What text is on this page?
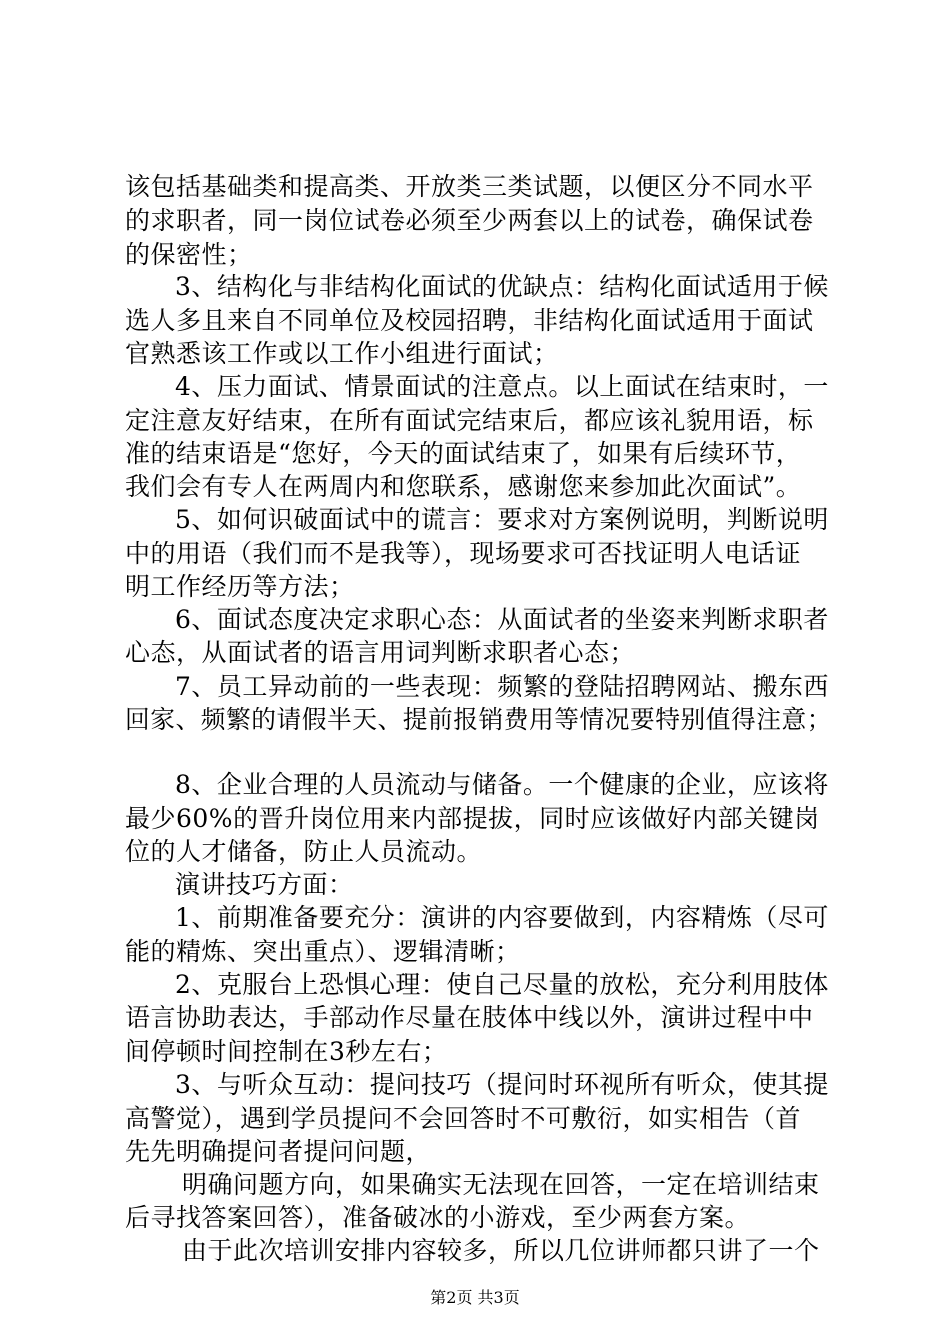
该包括基础类和提高类、开放类三类试题，以便区分不同水平
的求职者，同一岗位试卷必须至少两套以上的试卷，确保试卷
的保密性；
3、结构化与非结构化面试的优缺点：结构化面试适用于候
选人多且来自不同单位及校园招聘，非结构化面试适用于面试
官熟悉该工作或以工作小组进行面试；
4、压力面试、情景面试的注意点。以上面试在结束时，一
定注意友好结束，在所有面试完结束后，都应该礼貌用语，标
准的结束语是“您好，今天的面试结束了，如果有后续环节，
我们会有专人在两周内和您联系，感谢您来参加此次面试”。
5、如何识破面试中的谎言：要求对方案例说明，判断说明
中的用语（我们而不是我等），现场要求可否找证明人电话证
明工作经历等方法；
6、面试态度决定求职心态：从面试者的坐姿来判断求职者
心态，从面试者的语言用词判断求职者心态；
7、员工异动前的一些表现：频繁的登陆招聘网站、搬东西
回家、频繁的请假半天、提前报销费用等情况要特别值得注意；
8、企业合理的人员流动与储备。一个健康的企业，应该将
最少60%的晋升岗位用来内部提拔，同时应该做好内部关键岗
位的人才储备，防止人员流动。
演讲技巧方面：
1、前期准备要充分：演讲的内容要做到，内容精炼（尽可
能的精炼、突出重点）、逻辑清晰；
2、克服台上恐惧心理：使自己尽量的放松，充分利用肢体
语言协助表达，手部动作尽量在肢体中线以外，演讲过程中中
间停顿时间控制在3秒左右；
3、与听众互动：提问技巧（提问时环视所有听众，使其提
高警觉），遇到学员提问不会回答时不可敷衍，如实相告（首
先先明确提问者提问问题，
明确问题方向，如果确实无法现在回答，一定在培训结束
后寻找答案回答），准备破冰的小游戏，至少两套方案。
由于此次培训安排内容较多，所以几位讲师都只讲了一个
第2页 共3页
